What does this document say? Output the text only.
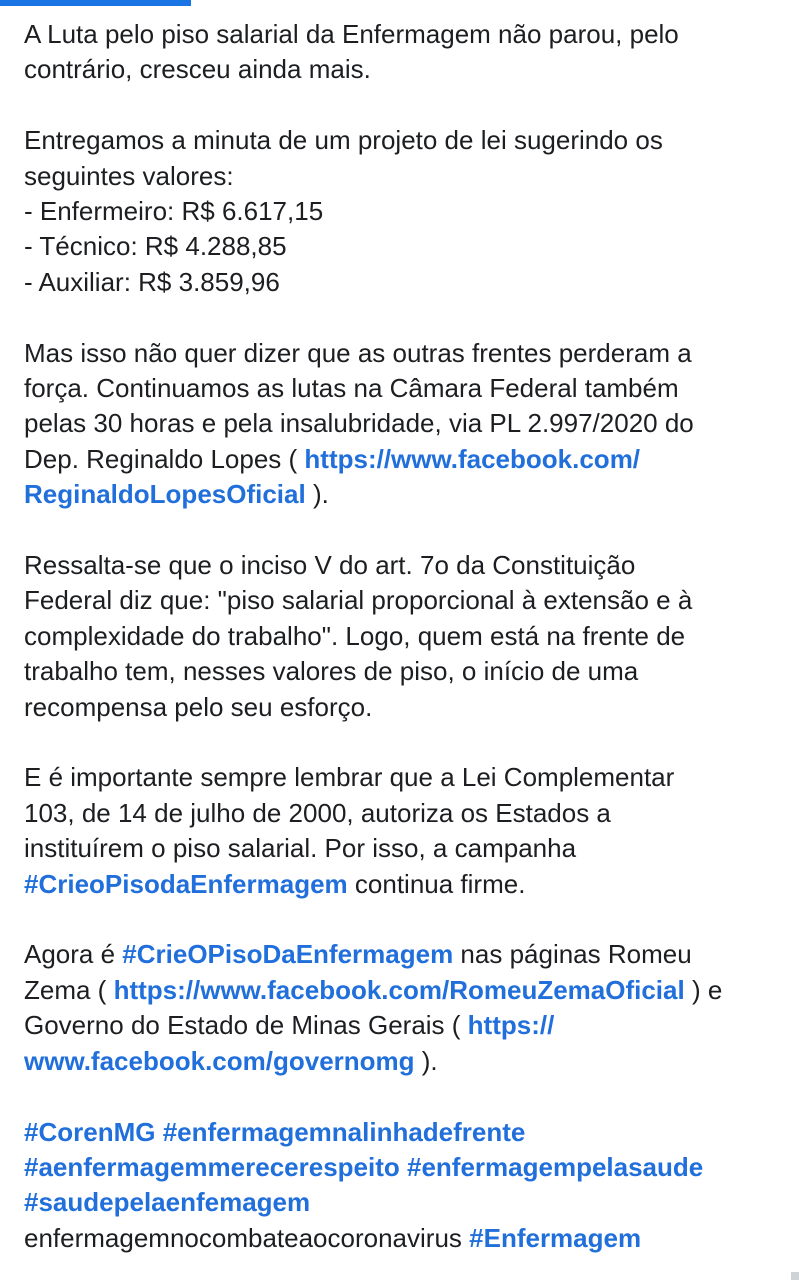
A Luta pelo piso salarial da Enfermagem não parou, pelo
contrário, cresceu ainda mais.
Entregamos a minuta de um projeto de lei sugerindo os
seguintes valores:
- Enfermeiro: R$ 6.617,15
- Técnico: R$ 4.288,85
- Auxiliar: R$ 3.859,96
Mas isso não quer dizer que as outras frentes perderam a
força. Continuamos as lutas na Câmara Federal também
pelas 30 horas e pela insalubridade, via PL 2.997/2020 do
Dep. Reginaldo Lopes ( https://www.facebook.com/
ReginaldoLopesOficial ).
Ressalta-se que o inciso V do art. 7o da Constituição
Federal diz que: "piso salarial proporcional à extensão e à
complexidade do trabalho". Logo, quem está na frente de
trabalho tem, nesses valores de piso, o início de uma
recompensa pelo seu esforço.
E é importante sempre lembrar que a Lei Complementar
103, de 14 de julho de 2000, autoriza os Estados a
instituírem o piso salarial. Por isso, a campanha
#CrieoPisodaEnfermagem continua firme.
Agora é #CrieOPisoDaEnfermagem nas páginas Romeu
Zema ( https://www.facebook.com/RomeuZemaOficial ) e
Governo do Estado de Minas Gerais ( https://
www.facebook.com/governomg ).
#CorenMG #enfermagemnalinhadefrente
#aenfermagemmerecerespeito #enfermagempelasaude
#saudepelaenfemagem
enfermagemnocombateaocoronavirus #Enfermagem
